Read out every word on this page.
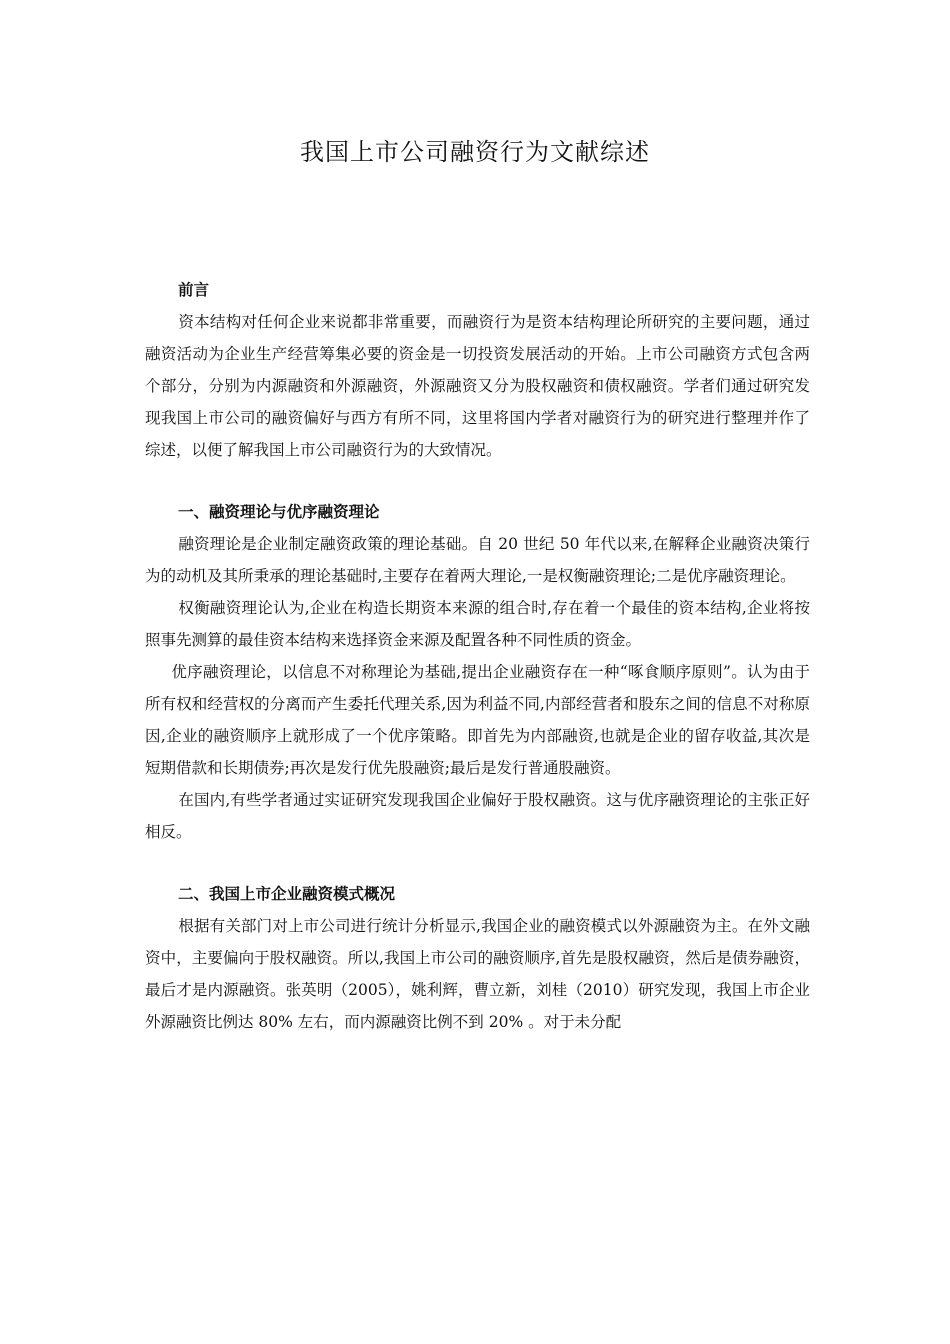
我国上市公司融资行为文献综述

前言

资本结构对任何企业来说都非常重要，而融资行为是资本结构理论所研究的主要问题，通过融资活动为企业生产经营筹集必要的资金是一切投资发展活动的开始。上市公司融资方式包含两个部分，分别为内源融资和外源融资，外源融资又分为股权融资和债权融资。学者们通过研究发现我国上市公司的融资偏好与西方有所不同，这里将国内学者对融资行为的研究进行整理并作了综述，以便了解我国上市公司融资行为的大致情况。

一、融资理论与优序融资理论

融资理论是企业制定融资政策的理论基础。自 20 世纪 50 年代以来,在解释企业融资决策行为的动机及其所秉承的理论基础时,主要存在着两大理论,一是权衡融资理论;二是优序融资理论。

权衡融资理论认为,企业在构造长期资本来源的组合时,存在着一个最佳的资本结构,企业将按照事先测算的最佳资本结构来选择资金来源及配置各种不同性质的资金。

优序融资理论，以信息不对称理论为基础,提出企业融资存在一种“啄食顺序原则”。认为由于所有权和经营权的分离而产生委托代理关系,因为利益不同,内部经营者和股东之间的信息不对称原因,企业的融资顺序上就形成了一个优序策略。即首先为内部融资,也就是企业的留存收益,其次是短期借款和长期债券;再次是发行优先股融资;最后是发行普通股融资。

在国内,有些学者通过实证研究发现我国企业偏好于股权融资。这与优序融资理论的主张正好相反。

二、我国上市企业融资模式概况

根据有关部门对上市公司进行统计分析显示,我国企业的融资模式以外源融资为主。在外文融资中，主要偏向于股权融资。所以,我国上市公司的融资顺序,首先是股权融资，然后是债券融资，最后才是内源融资。张英明（2005），姚利辉，曹立新，刘桂（2010）研究发现，我国上市企业外源融资比例达 80% 左右，而内源融资比例不到 20% 。对于未分配
